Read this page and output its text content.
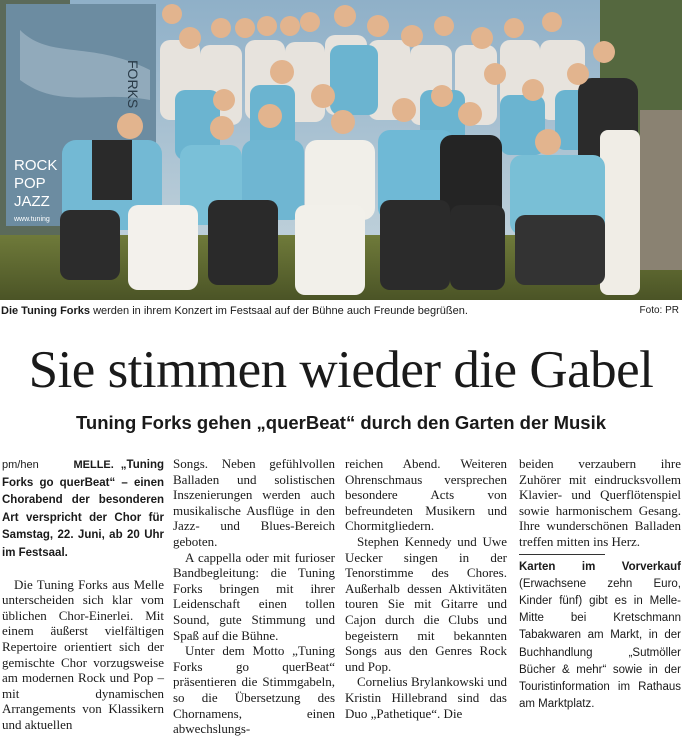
ROCK
POP
JAZZ
www.tuning
FORKS
Die Tuning Forks werden in ihrem Konzert im Festsaal auf der Bühne auch Freunde begrüßen.	Foto: PR
Sie stimmen wieder die Gabel
Tuning Forks gehen „querBeat“ durch den Garten der Musik

pm/hen	MELLE. „Tuning Forks go querBeat“ – einen Chorabend der besonderen Art verspricht der Chor für Samstag, 22. Juni, ab 20 Uhr im Festsaal.

Die Tuning Forks aus Melle unterscheiden sich klar vom üblichen Chor-Einerlei. Mit einem äußerst vielfältigen Repertoire orientiert sich der gemischte Chor vorzugsweise am modernen Rock und Pop – mit dynamischen Arrangements von Klassikern und aktuellen

Songs. Neben gefühlvollen Balladen und solistischen Inszenierungen werden auch musikalische Ausflüge in den Jazz- und Blues-Bereich geboten.

A cappella oder mit furioser Bandbegleitung: die Tuning Forks bringen mit ihrer Leidenschaft einen tollen Sound, gute Stimmung und Spaß auf die Bühne.

Unter dem Motto „Tuning Forks go querBeat“ präsentieren die Stimmgabeln, so die Übersetzung des Chornamens, einen abwechslungs-

reichen Abend. Weiteren Ohrenschmaus versprechen besondere Acts von befreundeten Musikern und Chormitgliedern.

Stephen Kennedy und Uwe Uecker singen in der Tenorstimme des Chores. Außerhalb dessen Aktivitäten touren Sie mit Gitarre und Cajon durch die Clubs und begeistern mit bekannten Songs aus den Genres Rock und Pop.

Cornelius Brylankowski und Kristin Hillebrand sind das Duo „Pathetique“. Die

beiden verzaubern ihre Zuhörer mit eindrucksvollem Klavier- und Querflötenspiel sowie harmonischem Gesang. Ihre wunderschönen Balladen treffen mitten ins Herz.

Karten im Vorverkauf (Erwachsene zehn Euro, Kinder fünf) gibt es in Melle-Mitte bei Kretschmann Tabakwaren am Markt, in der Buchhandlung „Sutmöller Bücher & mehr“ sowie in der Touristinformation im Rathaus am Marktplatz.
